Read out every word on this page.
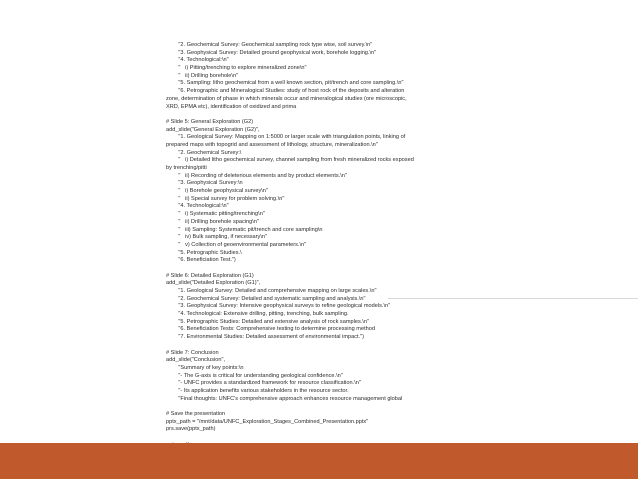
"2. Geochemical Survey: Geochemical sampling rock type wise, soil survey.\n"
"3. Geophysical Survey: Detailed ground geophysical work, borehole logging.\n"
"4. Technological:\n"
"   i) Pitting/trenching to explore mineralized zone\n"
"   ii) Drilling borehole\n"
"5. Sampling: litho geochemical from a well known section, pit/trench and core sampling.\n"
"6. Petrographic and Mineralogical Studies: study of host rock of the deposits and alteration
zone, determination of phase in which minerals occur and mineralogical studies (ore microscopic,
XRD, EPMA etc), identification of oxidized and prima
# Slide 5: General Exploration (G2)
add_slide("General Exploration (G2)",
"1. Geological Survey: Mapping on 1:5000 or larger scale with triangulation points, linking of
prepared maps with topogrid and assessment of lithology, structure, mineralization.\n"
"2. Geochemical Survey:\
"   i) Detailed litho geochemical survey, channel sampling from fresh mineralized rocks exposed
by trenching/pitti
"   ii) Recording of deleterious elements and by product elements.\n"
"3. Geophysical Survey:\n
"   i) Borehole geophysical survey\n"
"   ii) Special survey for problem solving.\n"
"4. Technological:\n"
"   i) Systematic pitting/trenching\n"
"   ii) Drilling borehole spacing\n"
"   iii) Sampling: Systematic pit/trench and core sampling\n
"   iv) Bulk sampling, if necessary\n"
"   v) Collection of geoenvironmental parameters.\n"
"5. Petrographic Studies.\
"6. Beneficiation Test.")
# Slide 6: Detailed Exploration (G1)
add_slide("Detailed Exploration (G1)",
"1. Geological Survey: Detailed and comprehensive mapping on large scales.\n"
"2. Geochemical Survey: Detailed and systematic sampling and analysis.\n"
"3. Geophysical Survey: Intensive geophysical surveys to refine geological models.\n"
"4. Technological: Extensive drilling, pitting, trenching, bulk sampling.
"5. Petrographic Studies: Detailed and extensive analysis of rock samples.\n"
"6. Beneficiation Tests: Comprehensive testing to determine processing method
"7. Environmental Studies: Detailed assessment of environmental impact.")
# Slide 7: Conclusion
add_slide("Conclusion",
"Summary of key points:\n
"- The G-axis is critical for understanding geological confidence.\n"
"- UNFC provides a standardized framework for resource classification.\n"
"- Its application benefits various stakeholders in the resource sector.
"Final thoughts: UNFC's comprehensive approach enhances resource management global
# Save the presentation
pptx_path = "/mnt/data/UNFC_Exploration_Stages_Combined_Presentation.pptx"
prs.save(pptx_path)
